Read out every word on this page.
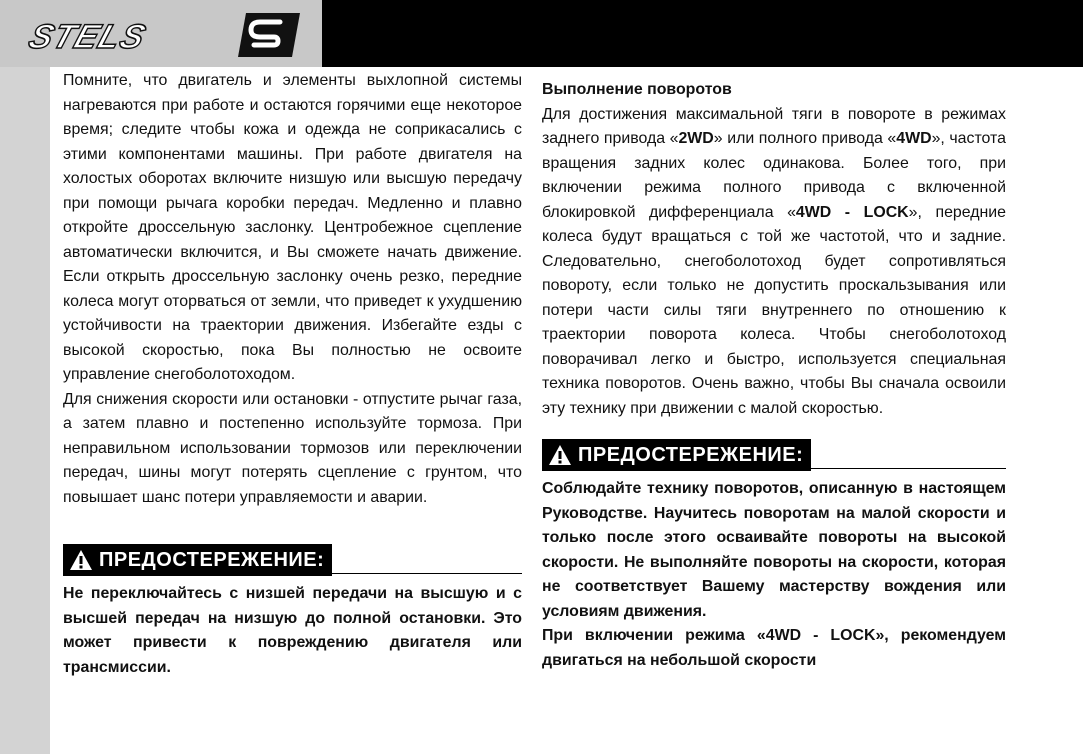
STELS

Помните, что двигатель и элементы выхлопной системы нагреваются при работе и остаются горячими еще некоторое время; следите чтобы кожа и одежда не соприкасались с этими компонентами машины. При работе двигателя на холостых оборотах включите низшую или высшую передачу при помощи рычага коробки передач. Медленно и плавно откройте дроссельную заслонку. Центробежное сцепление автоматически включится, и Вы сможете начать движение. Если открыть дроссельную заслонку очень резко, передние колеса могут оторваться от земли, что приведет к ухудшению устойчивости на траектории движения. Избегайте езды с высокой скоростью, пока Вы полностью не освоите управление снегоболотоходом.

Для снижения скорости или остановки - отпустите рычаг газа, а затем плавно и постепенно используйте тормоза. При неправильном использовании тормозов или переключении передач, шины могут потерять сцепление с грунтом, что повышает шанс потери управляемости и аварии.

ПРЕДОСТЕРЕЖЕНИЕ:

Не переключайтесь с низшей передачи на высшую и с высшей передач на низшую до полной остановки. Это может привести к повреждению двигателя или трансмиссии.

Выполнение поворотов

Для достижения максимальной тяги в повороте в режимах заднего привода «2WD» или полного привода «4WD», частота вращения задних колес одинакова. Более того, при включении режима полного привода с включенной блокировкой дифференциала «4WD - LOCK», передние колеса будут вращаться с той же частотой, что и задние. Следовательно, снегоболотоход будет сопротивляться повороту, если только не допустить проскальзывания или потери части силы тяги внутреннего по отношению к траектории поворота колеса. Чтобы снегоболотоход поворачивал легко и быстро, используется специальная техника поворотов. Очень важно, чтобы Вы сначала освоили эту технику при движении с малой скоростью.

ПРЕДОСТЕРЕЖЕНИЕ:

Соблюдайте технику поворотов, описанную в настоящем Руководстве. Научитесь поворотам на малой скорости и только после этого осваивайте повороты на высокой скорости. Не выполняйте повороты на скорости, которая не соответствует Вашему мастерству вождения или условиям движения.

При включении режима «4WD - LOCK», рекомендуем двигаться на небольшой скорости
